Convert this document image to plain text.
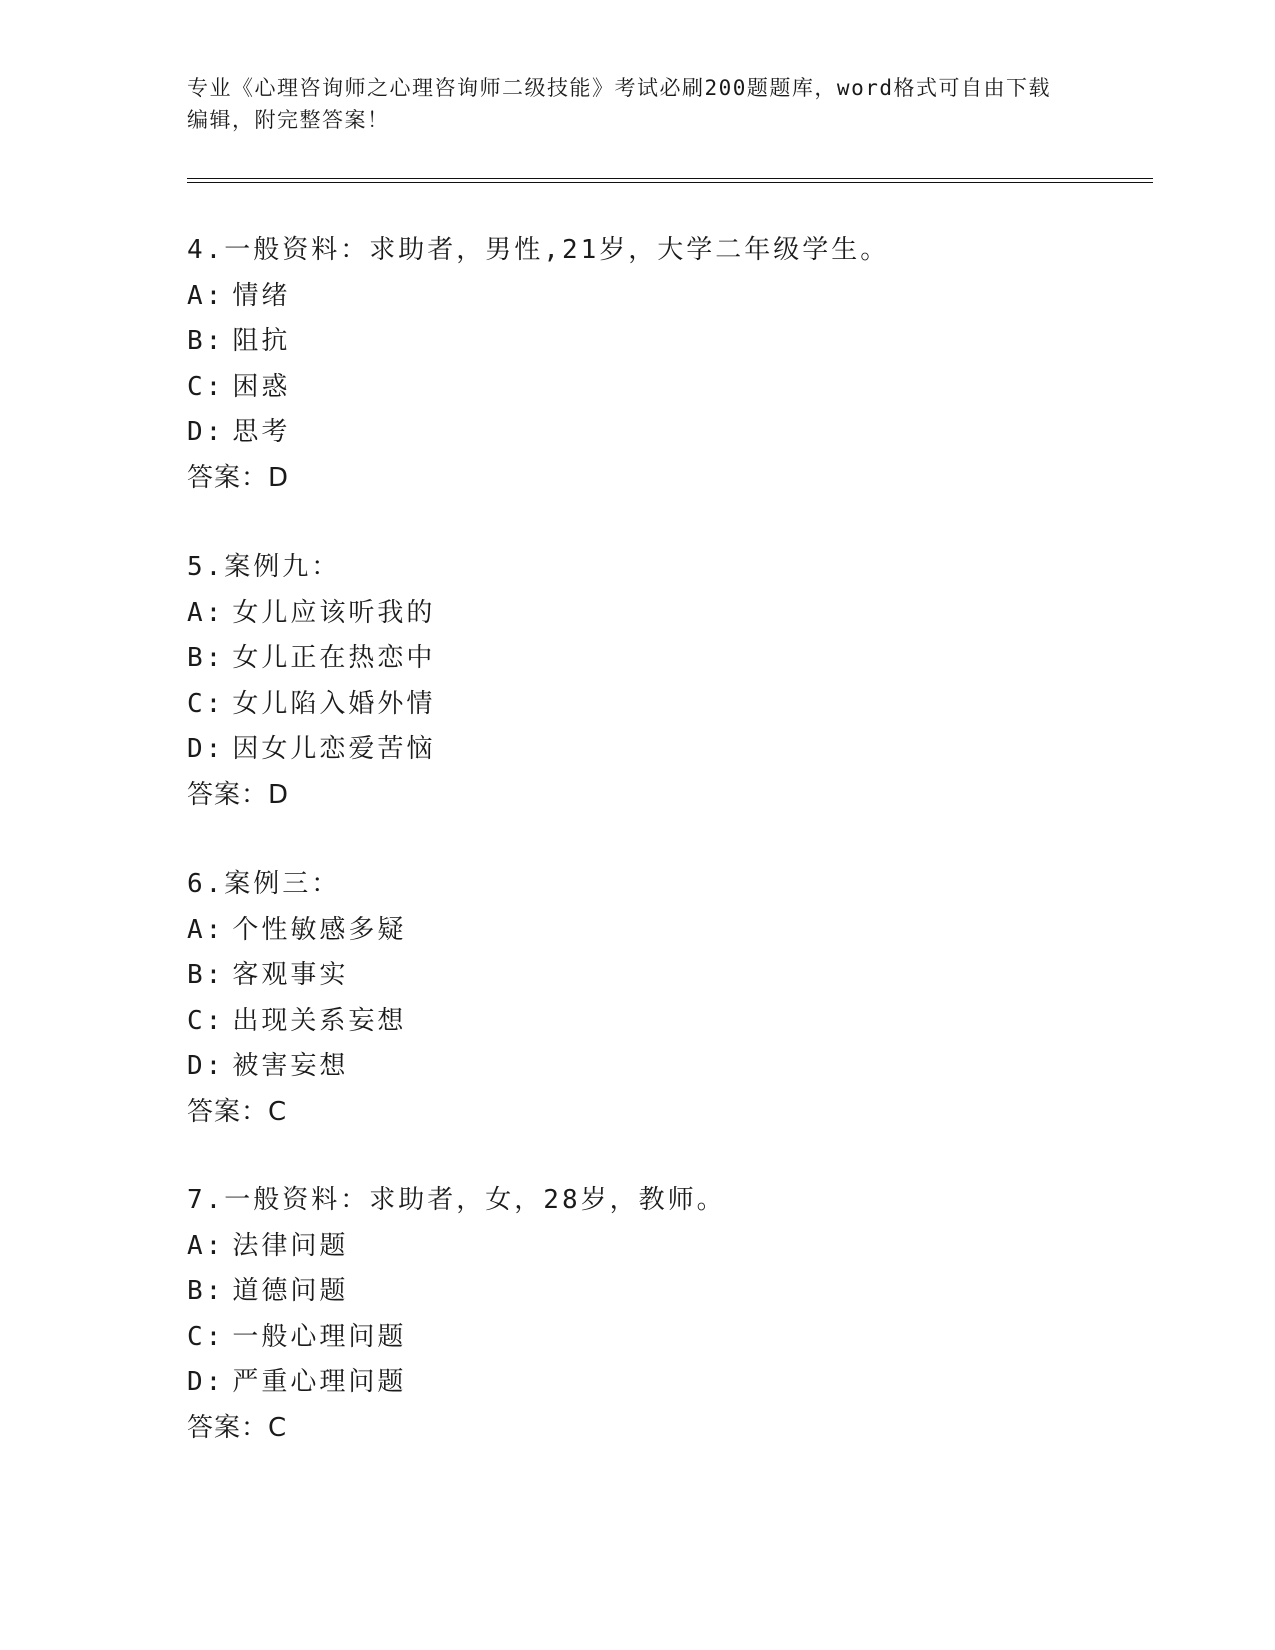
专业《心理咨询师之心理咨询师二级技能》考试必刷200题题库，word格式可自由下载编辑，附完整答案！
4.一般资料：求助者，男性,21岁，大学二年级学生。
A: 情绪
B: 阻抗
C: 困惑
D: 思考
答案：D
5.案例九：
A: 女儿应该听我的
B: 女儿正在热恋中
C: 女儿陷入婚外情
D: 因女儿恋爱苦恼
答案：D
6.案例三：
A: 个性敏感多疑
B: 客观事实
C: 出现关系妄想
D: 被害妄想
答案：C
7.一般资料：求助者，女，28岁，教师。
A: 法律问题
B: 道德问题
C: 一般心理问题
D: 严重心理问题
答案：C
